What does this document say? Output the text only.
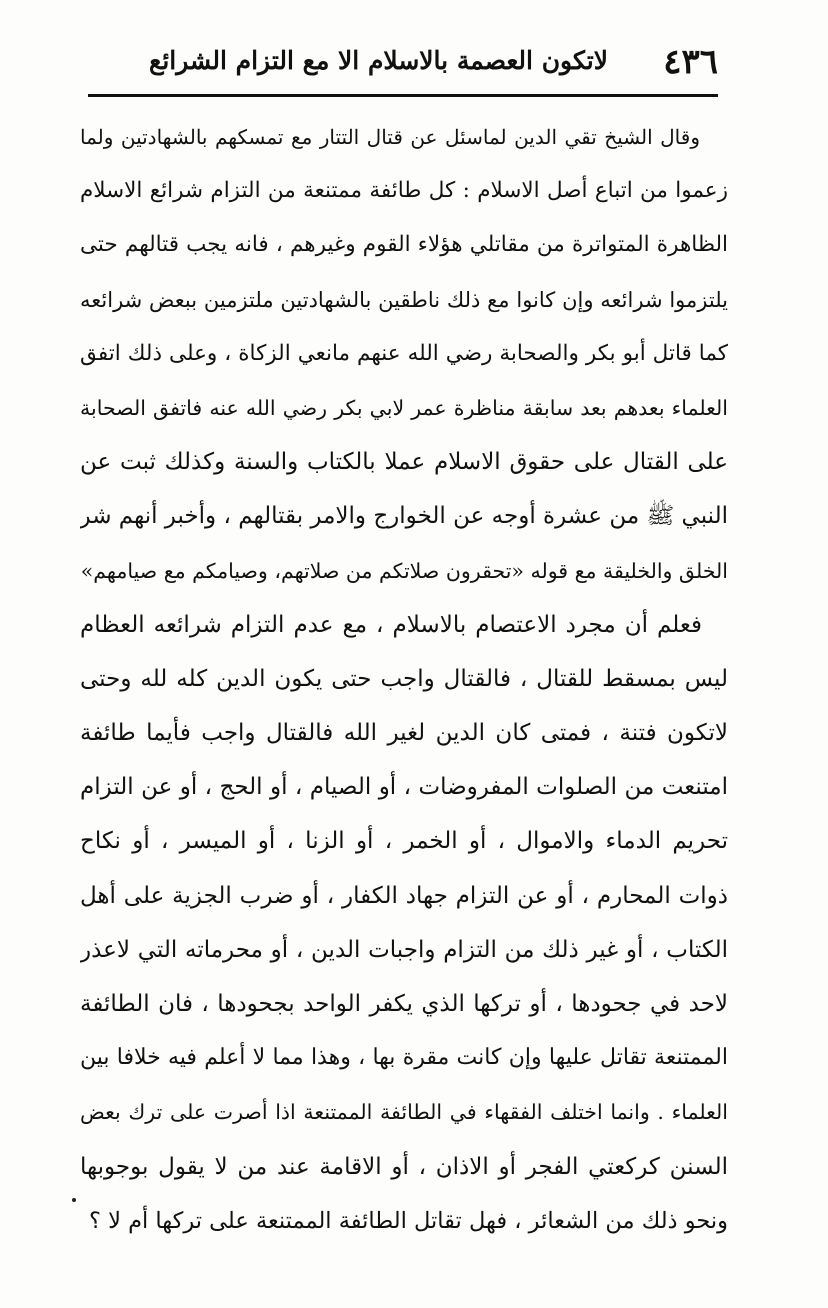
٤٣٦
لاتكون العصمة بالاسلام الا مع التزام الشرائع
وقال الشيخ تقي الدين لماسئل عن قتال التتار مع تمسكهم بالشهادتين ولما
زعموا من اتباع أصل الاسلام : كل طائفة ممتنعة من التزام شرائع الاسلام
الظاهرة المتواترة من مقاتلي هؤلاء القوم وغيرهم ، فانه يجب قتالهم حتى
يلتزموا شرائعه وإن كانوا مع ذلك ناطقين بالشهادتين ملتزمين ببعض شرائعه
كما قاتل أبو بكر والصحابة رضي الله عنهم مانعي الزكاة ، وعلى ذلك اتفق
العلماء بعدهم بعد سابقة مناظرة عمر لابي بكر رضي الله عنه فاتفق الصحابة
على القتال على حقوق الاسلام عملا بالكتاب والسنة وكذلك ثبت عن
النبي ﷺ من عشرة أوجه عن الخوارج والامر بقتالهم ، وأخبر أنهم شر
الخلق والخليقة مع قوله «تحقرون صلاتكم من صلاتهم، وصيامكم مع صيامهم»
فعلم أن مجرد الاعتصام بالاسلام ، مع عدم التزام شرائعه العظام
ليس بمسقط للقتال ، فالقتال واجب حتى يكون الدين كله لله وحتى
لاتكون فتنة ، فمتى كان الدين لغير الله فالقتال واجب فأيما طائفة
امتنعت من الصلوات المفروضات ، أو الصيام ، أو الحج ، أو عن التزام
تحريم الدماء والاموال ، أو الخمر ، أو الزنا ، أو الميسر ، أو نكاح
ذوات المحارم ، أو عن التزام جهاد الكفار ، أو ضرب الجزية على أهل
الكتاب ، أو غير ذلك من التزام واجبات الدين ، أو محرماته التي لاعذر
لاحد في جحودها ، أو تركها الذي يكفر الواحد بجحودها ، فان الطائفة
الممتنعة تقاتل عليها وإن كانت مقرة بها ، وهذا مما لا أعلم فيه خلافا بين
العلماء . وانما اختلف الفقهاء في الطائفة الممتنعة اذا أصرت على ترك بعض
السنن كركعتي الفجر أو الاذان ، أو الاقامة عند من لا يقول بوجوبها
ونحو ذلك من الشعائر ، فهل تقاتل الطائفة الممتنعة على تركها أم لا ؟
